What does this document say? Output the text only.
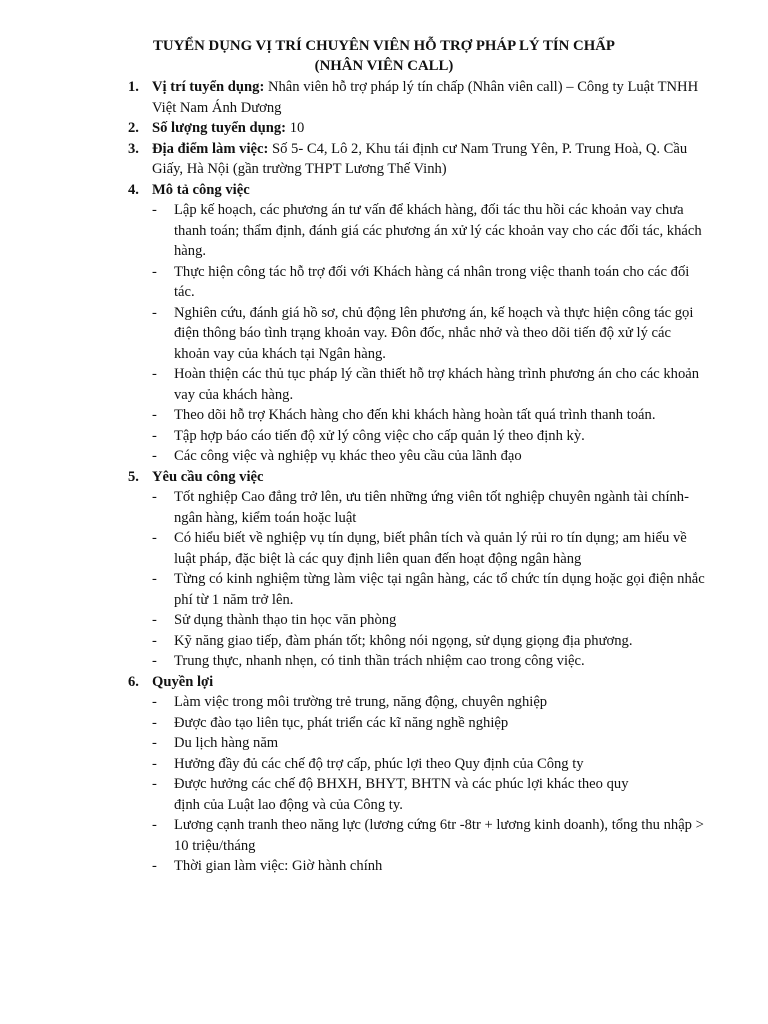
TUYỂN DỤNG VỊ TRÍ CHUYÊN VIÊN HỖ TRỢ PHÁP LÝ TÍN CHẤP

(NHÂN VIÊN CALL)

1. Vị trí tuyển dụng: Nhân viên hỗ trợ pháp lý tín chấp (Nhân viên call) – Công ty Luật TNHH Việt Nam Ánh Dương
2. Số lượng tuyển dụng: 10
3. Địa điểm làm việc: Số 5- C4, Lô 2, Khu tái định cư Nam Trung Yên, P. Trung Hoà, Q. Cầu Giấy, Hà Nội (gần trường THPT Lương Thế Vinh)
4. Mô tả công việc
- Lập kế hoạch, các phương án tư vấn để khách hàng, đối tác thu hồi các khoản vay chưa thanh toán; thẩm định, đánh giá các phương án xử lý các khoản vay cho các đối tác, khách hàng.
- Thực hiện công tác hỗ trợ đối với Khách hàng cá nhân trong việc thanh toán cho các đối tác.
- Nghiên cứu, đánh giá hồ sơ, chủ động lên phương án, kế hoạch và thực hiện công tác gọi điện thông báo tình trạng khoản vay. Đôn đốc, nhắc nhở và theo dõi tiến độ xử lý các khoản vay của khách tại Ngân hàng.
- Hoàn thiện các thủ tục pháp lý cần thiết hỗ trợ khách hàng trình phương án cho các khoản vay của khách hàng.
- Theo dõi hỗ trợ Khách hàng cho đến khi khách hàng hoàn tất quá trình thanh toán.
- Tập hợp báo cáo tiến độ xử lý công việc cho cấp quản lý theo định kỳ.
- Các công việc và nghiệp vụ khác theo yêu cầu của lãnh đạo
5. Yêu cầu công việc
- Tốt nghiệp Cao đẳng trở lên, ưu tiên những ứng viên tốt nghiệp chuyên ngành tài chính- ngân hàng, kiểm toán hoặc luật
- Có hiểu biết về nghiệp vụ tín dụng, biết phân tích và quản lý rủi ro tín dụng; am hiểu về luật pháp, đặc biệt là các quy định liên quan đến hoạt động ngân hàng
- Từng có kinh nghiệm từng làm việc tại ngân hàng, các tổ chức tín dụng hoặc gọi điện nhắc phí từ 1 năm trở lên.
- Sử dụng thành thạo tin học văn phòng
- Kỹ năng giao tiếp, đàm phán tốt; không nói ngọng, sử dụng giọng địa phương.
- Trung thực, nhanh nhẹn, có tinh thần trách nhiệm cao trong công việc.
6. Quyền lợi
- Làm việc trong môi trường trẻ trung, năng động, chuyên nghiệp
- Được đào tạo liên tục, phát triển các kĩ năng nghề nghiệp
- Du lịch hàng năm
- Hưởng đầy đủ các chế độ trợ cấp, phúc lợi theo Quy định của Công ty
- Được hưởng các chế độ BHXH, BHYT, BHTN và các phúc lợi khác theo quy định của Luật lao động và của Công ty.
- Lương cạnh tranh theo năng lực (lương cứng 6tr -8tr + lương kinh doanh), tổng thu nhập > 10 triệu/tháng
- Thời gian làm việc: Giờ hành chính
